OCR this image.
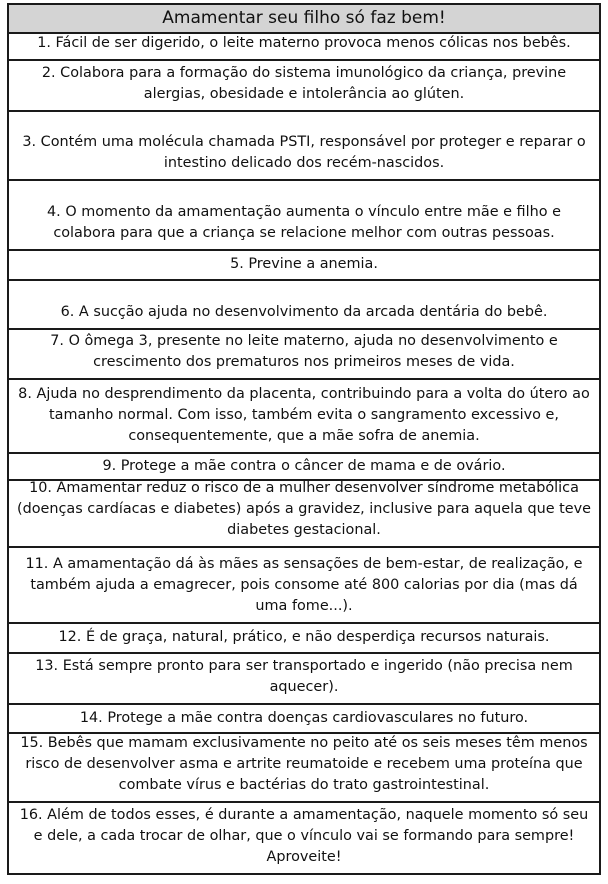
Amamentar seu filho só faz bem!
1. Fácil de ser digerido, o leite materno provoca menos cólicas nos bebês.
2. Colabora para a formação do sistema imunológico da criança, previne alergias, obesidade e intolerância ao glúten.
3. Contém uma molécula chamada PSTI, responsável por proteger e reparar o intestino delicado dos recém-nascidos.
4. O momento da amamentação aumenta o vínculo entre mãe e filho e colabora para que a criança se relacione melhor com outras pessoas.
5. Previne a anemia.
6. A sucção ajuda no desenvolvimento da arcada dentária do bebê.
7. O ômega 3, presente no leite materno, ajuda no desenvolvimento e crescimento dos prematuros nos primeiros meses de vida.
8. Ajuda no desprendimento da placenta, contribuindo para a volta do útero ao tamanho normal. Com isso, também evita o sangramento excessivo e, consequentemente, que a mãe sofra de anemia.
9. Protege a mãe contra o câncer de mama e de ovário.
10. Amamentar reduz o risco de a mulher desenvolver síndrome metabólica (doenças cardíacas e diabetes) após a gravidez, inclusive para aquela que teve diabetes gestacional.
11. A amamentação dá às mães as sensações de bem-estar, de realização, e também ajuda a emagrecer, pois consome até 800 calorias por dia (mas dá uma fome...).
12. É de graça, natural, prático, e não desperdiça recursos naturais.
13. Está sempre pronto para ser transportado e ingerido (não precisa nem aquecer).
14. Protege a mãe contra doenças cardiovasculares no futuro.
15. Bebês que mamam exclusivamente no peito até os seis meses têm menos risco de desenvolver asma e artrite reumatoide e recebem uma proteína que combate vírus e bactérias do trato gastrointestinal.
16. Além de todos esses, é durante a amamentação, naquele momento só seu e dele, a cada trocar de olhar, que o vínculo vai se formando para sempre! Aproveite!
